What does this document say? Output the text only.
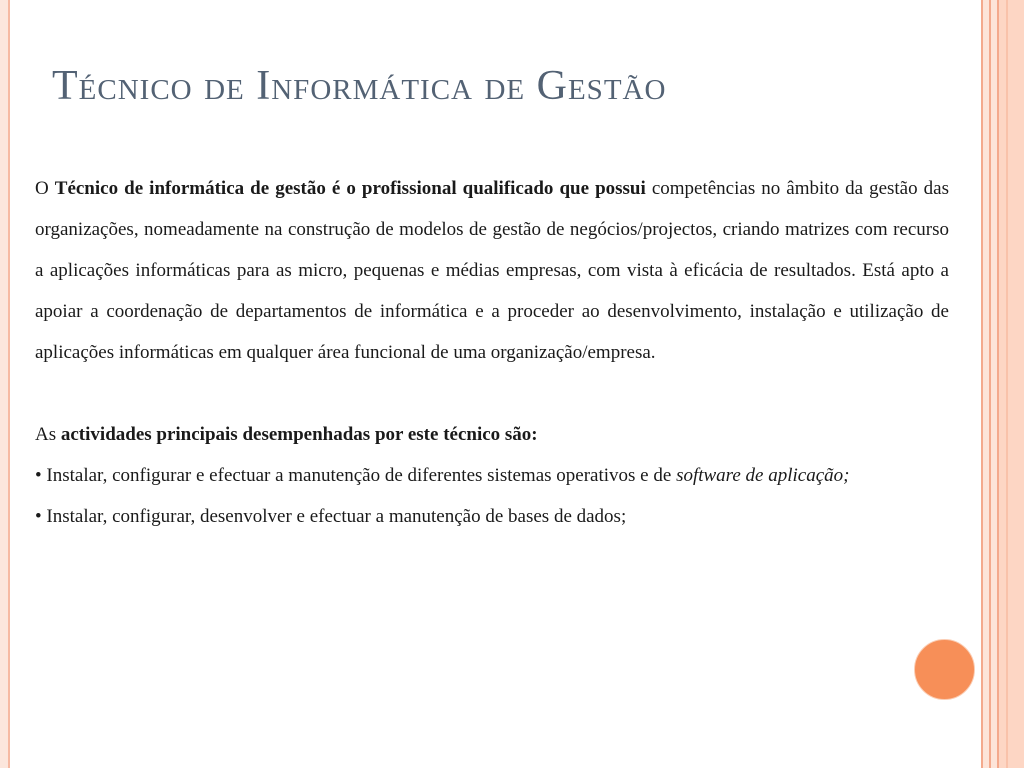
Técnico de Informática de Gestão

O Técnico de informática de gestão é o profissional qualificado que possui competências no âmbito da gestão das organizações, nomeadamente na construção de modelos de gestão de negócios/projectos, criando matrizes com recurso a aplicações informáticas para as micro, pequenas e médias empresas, com vista à eficácia de resultados. Está apto a apoiar a coordenação de departamentos de informática e a proceder ao desenvolvimento, instalação e utilização de aplicações informáticas em qualquer área funcional de uma organização/empresa.

As actividades principais desempenhadas por este técnico são:

• Instalar, configurar e efectuar a manutenção de diferentes sistemas operativos e de software de aplicação;

• Instalar, configurar, desenvolver e efectuar a manutenção de bases de dados;
